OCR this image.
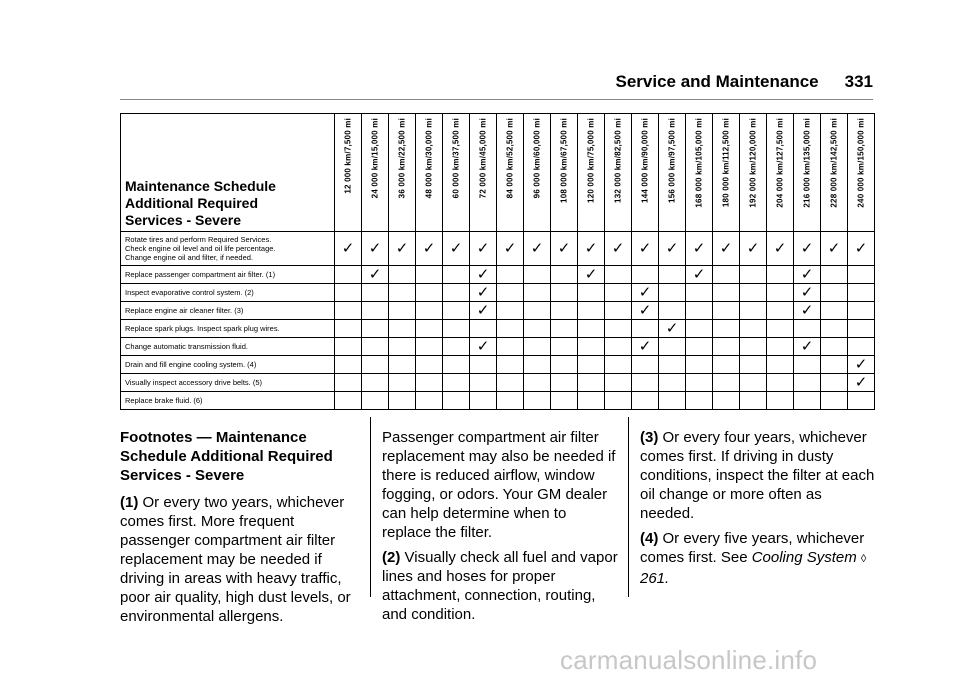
Service and Maintenance 331
Maintenance Schedule
Additional Required
Services - Severe	12 000 km/7,500 mi	24 000 km/15,000 mi	36 000 km/22,500 mi	48 000 km/30,000 mi	60 000 km/37,500 mi	72 000 km/45,000 mi	84 000 km/52,500 mi	96 000 km/60,000 mi	108 000 km/67,500 mi	120 000 km/75,000 mi	132 000 km/82,500 mi	144 000 km/90,000 mi	156 000 km/97,500 mi	168 000 km/105,000 mi	180 000 km/112,500 mi	192 000 km/120,000 mi	204 000 km/127,500 mi	216 000 km/135,000 mi	228 000 km/142,500 mi	240 000 km/150,000 mi

Rotate tires and perform Required Services.
Check engine oil level and oil life percentage.
Change engine oil and filter, if needed.	✓	✓	✓	✓	✓	✓	✓	✓	✓	✓	✓	✓	✓	✓	✓	✓	✓	✓	✓	✓
Replace passenger compartment air filter. (1)		✓				✓				✓				✓				✓		
Inspect evaporative control system. (2)						✓						✓						✓		
Replace engine air cleaner filter. (3)						✓						✓						✓		
Replace spark plugs. Inspect spark plug wires.													✓							
Change automatic transmission fluid.						✓						✓						✓		
Drain and fill engine cooling system. (4)																				✓
Visually inspect accessory drive belts. (5)																				✓
Replace brake fluid. (6)																				

Footnotes — Maintenance
Schedule Additional Required
Services - Severe

(1) Or every two years, whichever comes first. More frequent passenger compartment air filter replacement may be needed if driving in areas with heavy traffic, poor air quality, high dust levels, or environmental allergens.

Passenger compartment air filter replacement may also be needed if there is reduced airflow, window fogging, or odors. Your GM dealer can help determine when to replace the filter.

(2) Visually check all fuel and vapor lines and hoses for proper attachment, connection, routing, and condition.

(3) Or every four years, whichever comes first. If driving in dusty conditions, inspect the filter at each oil change or more often as needed.

(4) Or every five years, whichever comes first. See Cooling System ◊ 261.

carmanualsonline.info
